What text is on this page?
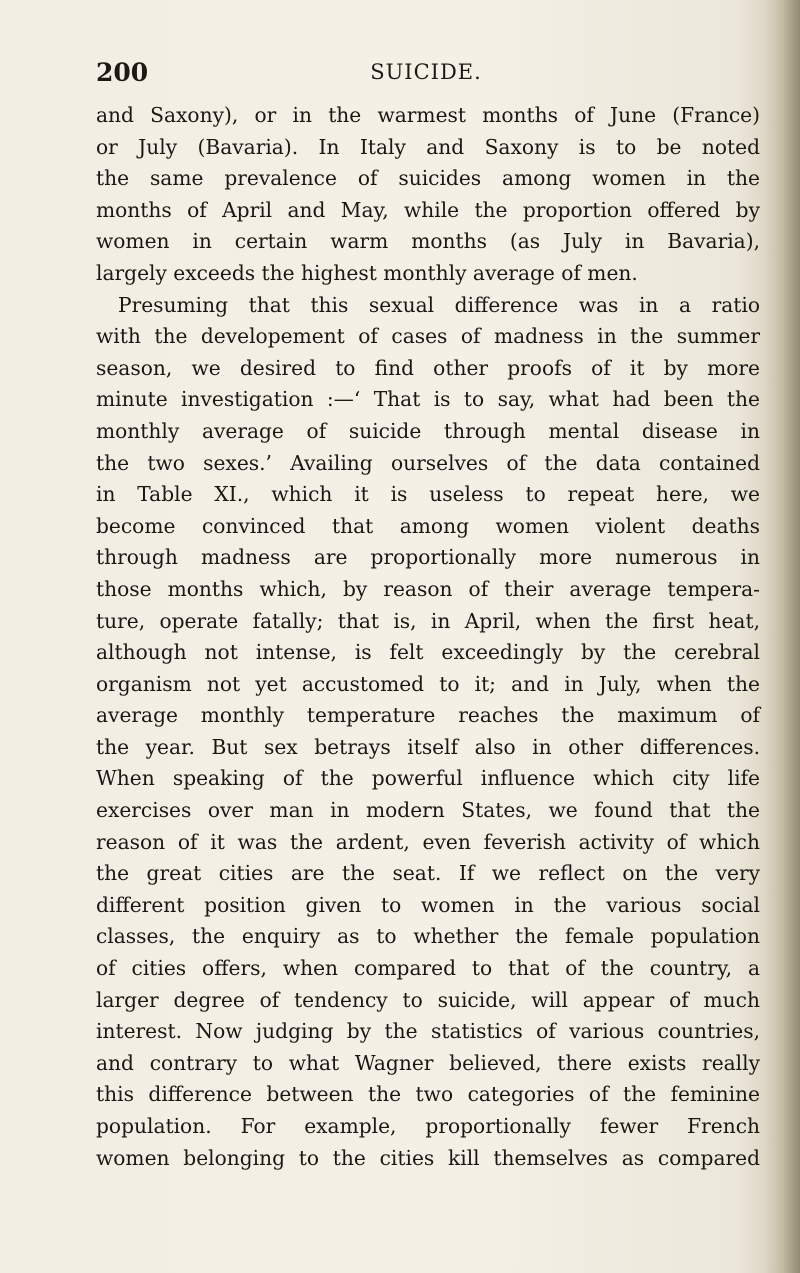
200	SUICIDE.
and Saxony), or in the warmest months of June (France)
or July (Bavaria). In Italy and Saxony is to be noted
the same prevalence of suicides among women in the
months of April and May, while the proportion offered by
women in certain warm months (as July in Bavaria),
largely exceeds the highest monthly average of men.
Presuming that this sexual difference was in a ratio
with the developement of cases of madness in the summer
season, we desired to find other proofs of it by more
minute investigation :—‘ That is to say, what had been the
monthly average of suicide through mental disease in
the two sexes.’ Availing ourselves of the data contained
in Table XI., which it is useless to repeat here, we
become convinced that among women violent deaths
through madness are proportionally more numerous in
those months which, by reason of their average tempera-
ture, operate fatally; that is, in April, when the first heat,
although not intense, is felt exceedingly by the cerebral
organism not yet accustomed to it; and in July, when the
average monthly temperature reaches the maximum of
the year. But sex betrays itself also in other differences.
When speaking of the powerful influence which city life
exercises over man in modern States, we found that the
reason of it was the ardent, even feverish activity of which
the great cities are the seat. If we reflect on the very
different position given to women in the various social
classes, the enquiry as to whether the female population
of cities offers, when compared to that of the country, a
larger degree of tendency to suicide, will appear of much
interest. Now judging by the statistics of various countries,
and contrary to what Wagner believed, there exists really
this difference between the two categories of the feminine
population. For example, proportionally fewer French
women belonging to the cities kill themselves as compared
